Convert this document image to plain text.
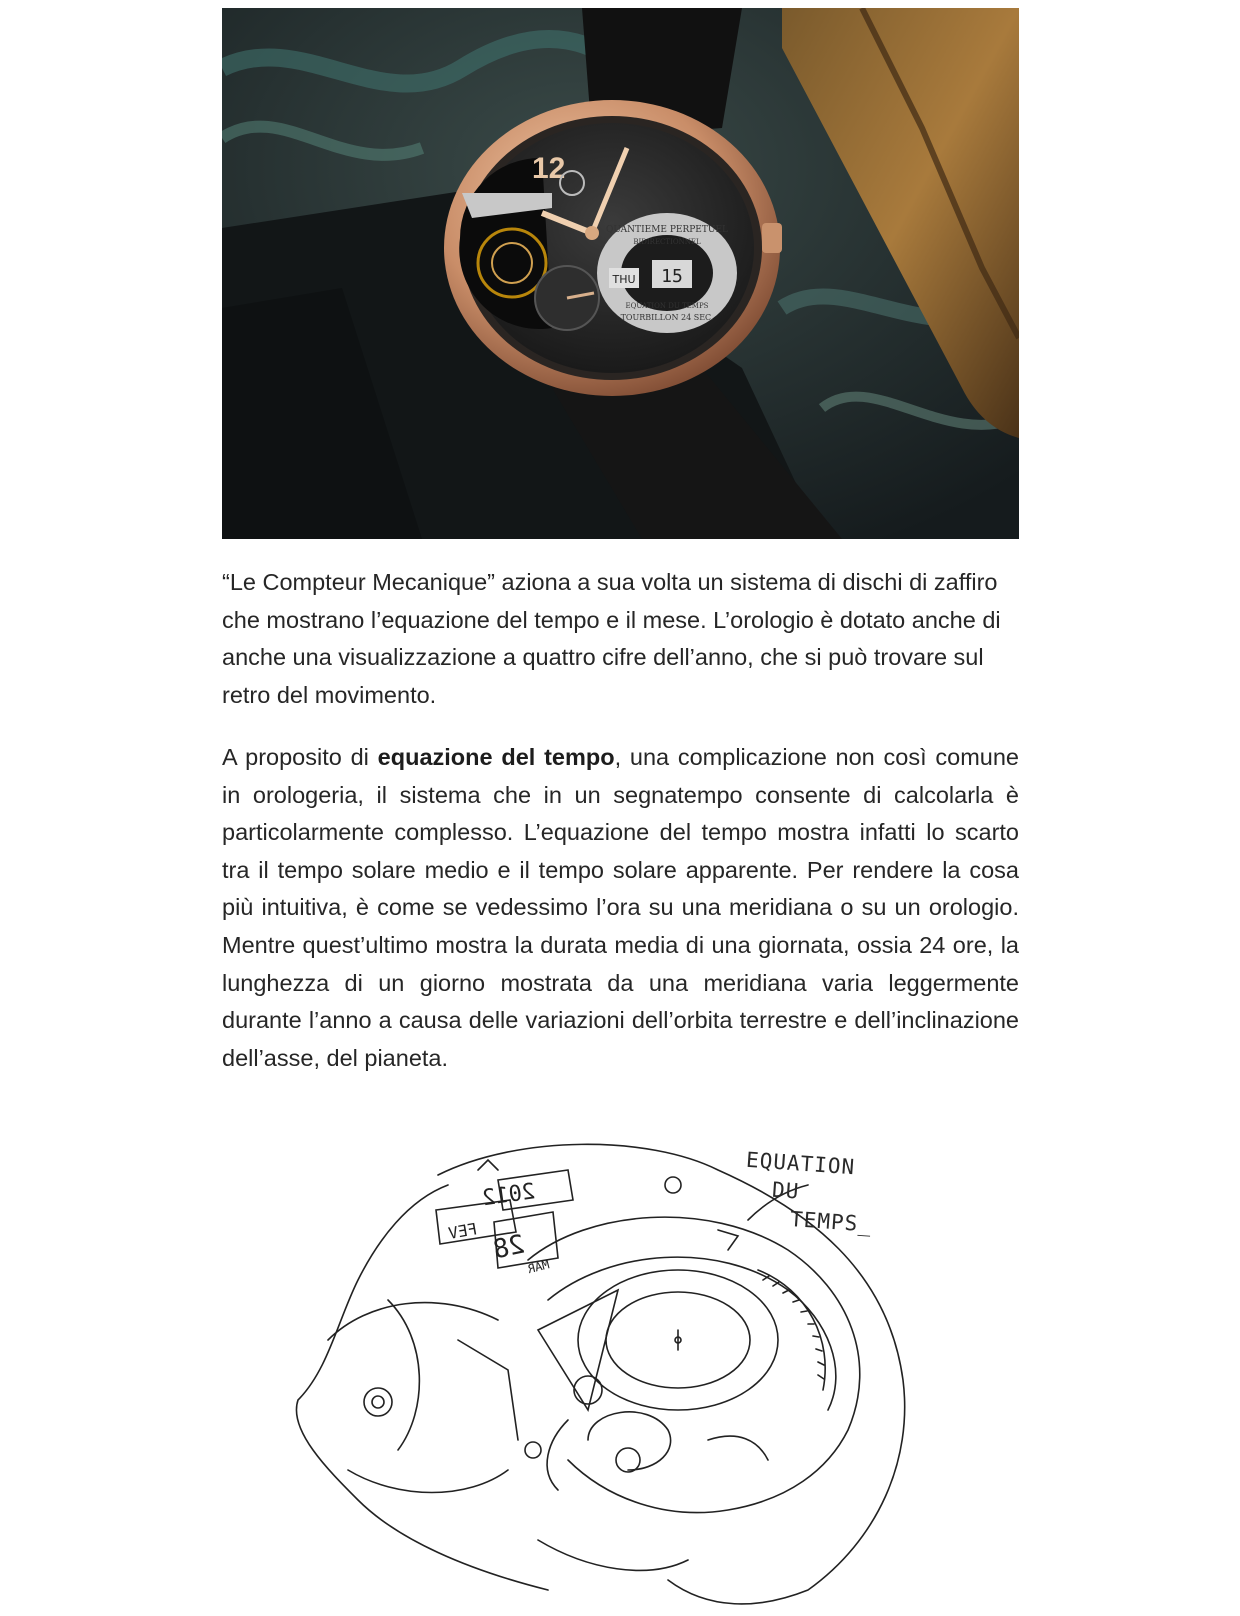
15
THU
QUANTIEME PERPETUEL
BIDIRECTIONNEL
EQUATION DU TEMPS
TOURBILLON 24 SEC.
12

“Le Compteur Mecanique” aziona a sua volta un sistema di dischi di zaffiro che mostrano l’equazione del tempo e il mese. L’orologio è dotato anche di anche una visualizzazione a quattro cifre dell’anno, che si può trovare sul retro del movimento.

A proposito di equazione del tempo, una complicazione non così comune in orologeria, il sistema che in un segnatempo consente di calcolarla è particolarmente complesso. L’equazione del tempo mostra infatti lo scarto tra il tempo solare medio e il tempo solare apparente. Per rendere la cosa più intuitiva, è come se vedessimo l’ora su una meridiana o su un orologio. Mentre quest’ultimo mostra la durata media di una giornata, ossia 24 ore, la lunghezza di un giorno mostrata da una meridiana varia leggermente durante l’anno a causa delle variazioni dell’orbita terrestre e dell’inclinazione dell’asse, del pianeta.

2012
FEV 28
MAR
EQUATION
DU
TEMPS_
